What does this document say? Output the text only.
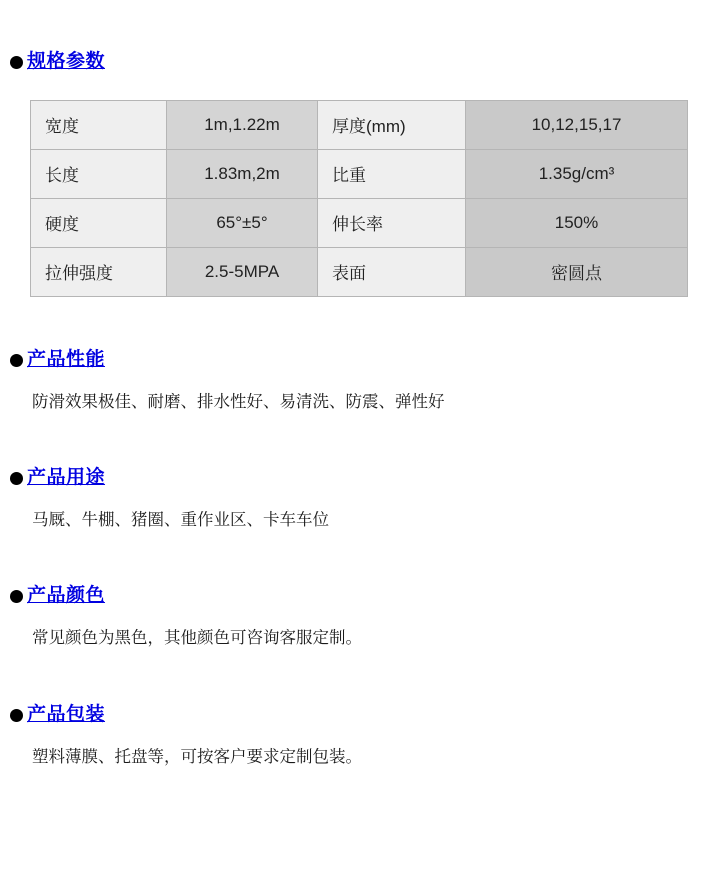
规格参数
宽度	1m,1.22m	厚度(mm)	10,12,15,17
长度	1.83m,2m	比重	1.35g/cm³
硬度	65°±5°	伸长率	150%
拉伸强度	2.5-5MPA	表面	密圆点
产品性能
防滑效果极佳、耐磨、排水性好、易清洗、防震、弹性好
产品用途
马厩、牛棚、猪圈、重作业区、卡车车位
产品颜色
常见颜色为黑色，其他颜色可咨询客服定制。
产品包装
塑料薄膜、托盘等，可按客户要求定制包装。
